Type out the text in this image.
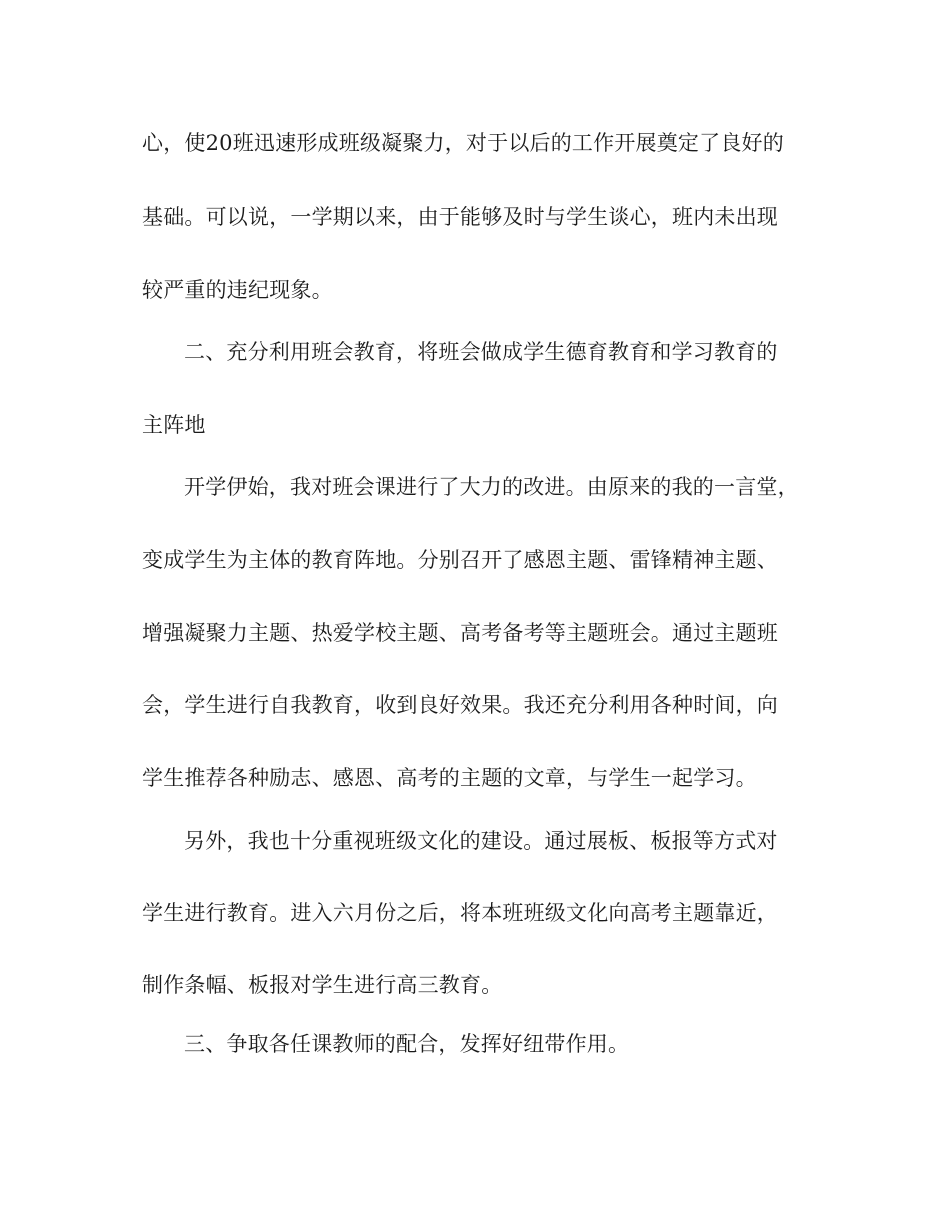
心，使20班迅速形成班级凝聚力，对于以后的工作开展奠定了良好的
基础。可以说，一学期以来，由于能够及时与学生谈心，班内未出现
较严重的违纪现象。
二、充分利用班会教育，将班会做成学生德育教育和学习教育的
主阵地
开学伊始，我对班会课进行了大力的改进。由原来的我的一言堂，
变成学生为主体的教育阵地。分别召开了感恩主题、雷锋精神主题、
增强凝聚力主题、热爱学校主题、高考备考等主题班会。通过主题班
会，学生进行自我教育，收到良好效果。我还充分利用各种时间，向
学生推荐各种励志、感恩、高考的主题的文章，与学生一起学习。
另外，我也十分重视班级文化的建设。通过展板、板报等方式对
学生进行教育。进入六月份之后，将本班班级文化向高考主题靠近，
制作条幅、板报对学生进行高三教育。
三、争取各任课教师的配合，发挥好纽带作用。
